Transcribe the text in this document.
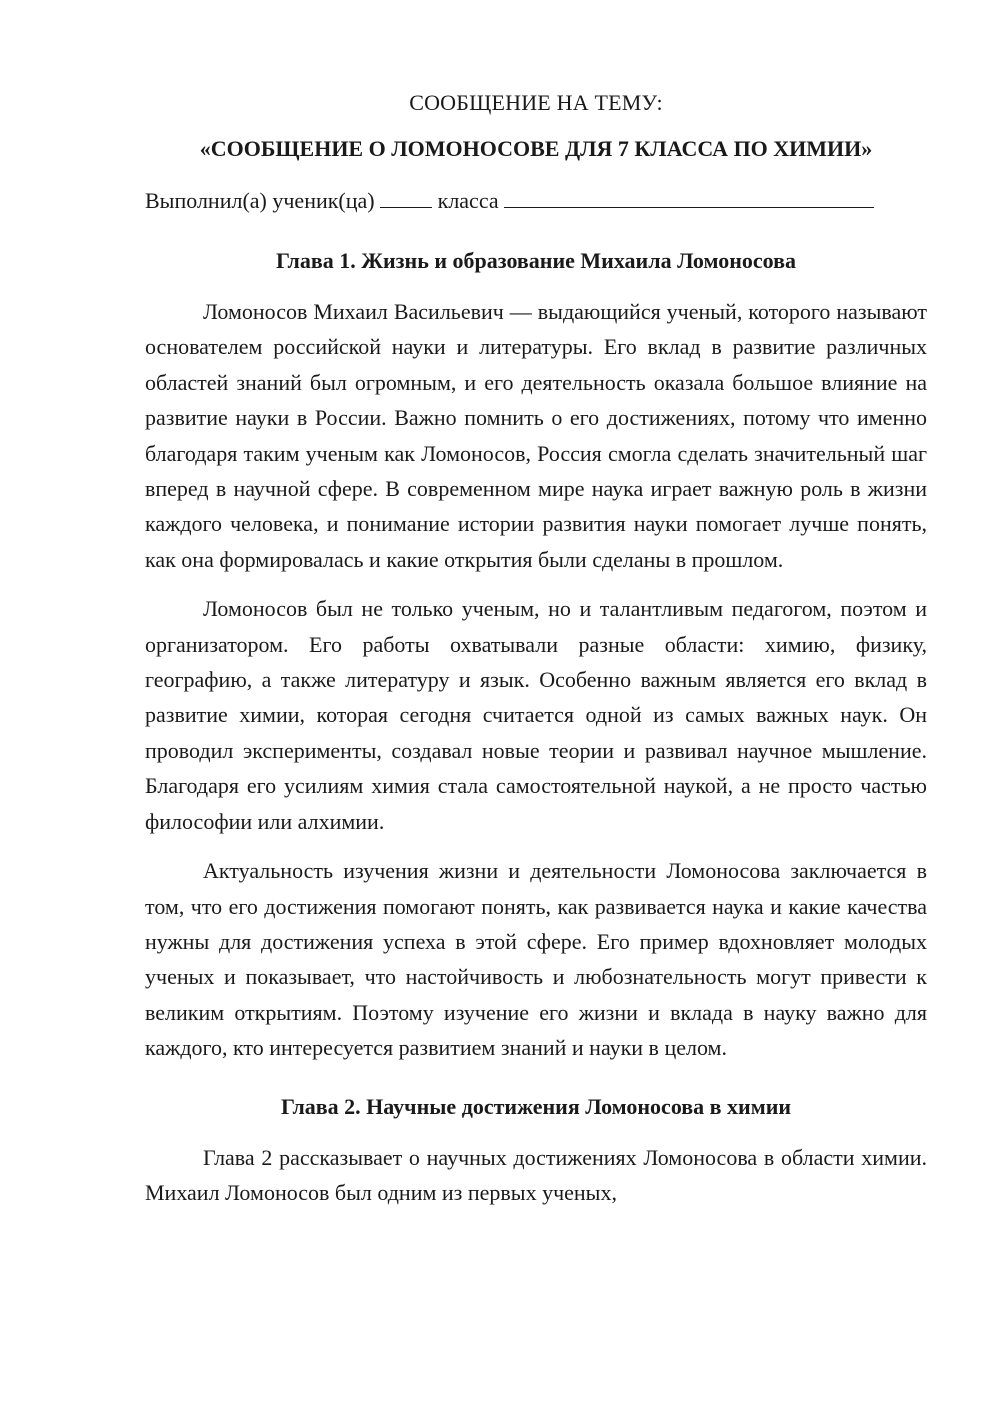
СООБЩЕНИЕ НА ТЕМУ:
«СООБЩЕНИЕ О ЛОМОНОСОВЕ ДЛЯ 7 КЛАССА ПО ХИМИИ»
Выполнил(а) ученик(ца)	класса
Глава 1. Жизнь и образование Михаила Ломоносова

Ломоносов Михаил Васильевич — выдающийся ученый, которого называют основателем российской науки и литературы. Его вклад в развитие различных областей знаний был огромным, и его деятельность оказала большое влияние на развитие науки в России. Важно помнить о его достижениях, потому что именно благодаря таким ученым как Ломоносов, Россия смогла сделать значительный шаг вперед в научной сфере. В современном мире наука играет важную роль в жизни каждого человека, и понимание истории развития науки помогает лучше понять, как она формировалась и какие открытия были сделаны в прошлом.

Ломоносов был не только ученым, но и талантливым педагогом, поэтом и организатором. Его работы охватывали разные области: химию, физику, географию, а также литературу и язык. Особенно важным является его вклад в развитие химии, которая сегодня считается одной из самых важных наук. Он проводил эксперименты, создавал новые теории и развивал научное мышление. Благодаря его усилиям химия стала самостоятельной наукой, а не просто частью философии или алхимии.

Актуальность изучения жизни и деятельности Ломоносова заключается в том, что его достижения помогают понять, как развивается наука и какие качества нужны для достижения успеха в этой сфере. Его пример вдохновляет молодых ученых и показывает, что настойчивость и любознательность могут привести к великим открытиям. Поэтому изучение его жизни и вклада в науку важно для каждого, кто интересуется развитием знаний и науки в целом.

Глава 2. Научные достижения Ломоносова в химии

Глава 2 рассказывает о научных достижениях Ломоносова в области химии. Михаил Ломоносов был одним из первых ученых,
